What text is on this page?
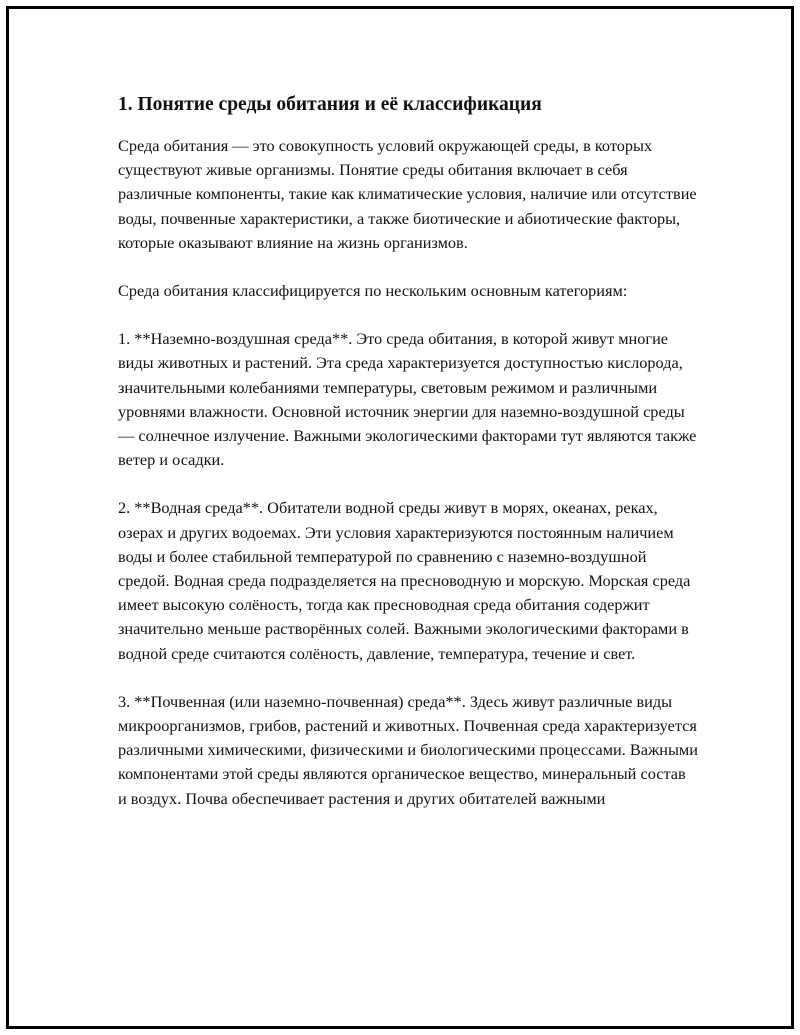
1. Понятие среды обитания и её классификация

Среда обитания — это совокупность условий окружающей среды, в которых существуют живые организмы. Понятие среды обитания включает в себя различные компоненты, такие как климатические условия, наличие или отсутствие воды, почвенные характеристики, а также биотические и абиотические факторы, которые оказывают влияние на жизнь организмов.

Среда обитания классифицируется по нескольким основным категориям:

1. **Наземно-воздушная среда**. Это среда обитания, в которой живут многие виды животных и растений. Эта среда характеризуется доступностью кислорода, значительными колебаниями температуры, световым режимом и различными уровнями влажности. Основной источник энергии для наземно-воздушной среды — солнечное излучение. Важными экологическими факторами тут являются также ветер и осадки.

2. **Водная среда**. Обитатели водной среды живут в морях, океанах, реках, озерах и других водоемах. Эти условия характеризуются постоянным наличием воды и более стабильной температурой по сравнению с наземно-воздушной средой. Водная среда подразделяется на пресноводную и морскую. Морская среда имеет высокую солёность, тогда как пресноводная среда обитания содержит значительно меньше растворённых солей. Важными экологическими факторами в водной среде считаются солёность, давление, температура, течение и свет.

3. **Почвенная (или наземно-почвенная) среда**. Здесь живут различные виды микроорганизмов, грибов, растений и животных. Почвенная среда характеризуется различными химическими, физическими и биологическими процессами. Важными компонентами этой среды являются органическое вещество, минеральный состав и воздух. Почва обеспечивает растения и других обитателей важными
